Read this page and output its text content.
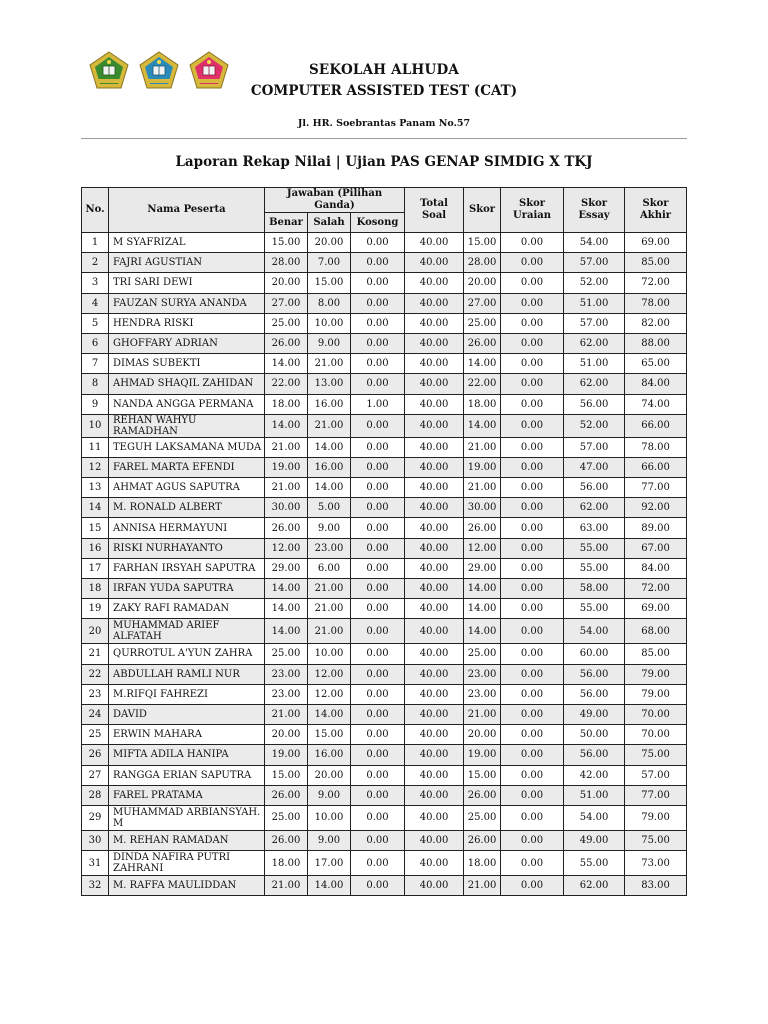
SEKOLAH ALHUDA
COMPUTER ASSISTED TEST (CAT)
Jl. HR. Soebrantas Panam No.57
Laporan Rekap Nilai | Ujian PAS GENAP SIMDIG X TKJ
No.	Nama Peserta	Jawaban (Pilihan Ganda)			Total Soal	Skor	Skor Uraian	Skor Essay	Skor Akhir
		Benar	Salah	Kosong					
1	M SYAFRIZAL	15.00	20.00	0.00	40.00	15.00	0.00	54.00	69.00
2	FAJRI AGUSTIAN	28.00	7.00	0.00	40.00	28.00	0.00	57.00	85.00
3	TRI SARI DEWI	20.00	15.00	0.00	40.00	20.00	0.00	52.00	72.00
4	FAUZAN SURYA ANANDA	27.00	8.00	0.00	40.00	27.00	0.00	51.00	78.00
5	HENDRA RISKI	25.00	10.00	0.00	40.00	25.00	0.00	57.00	82.00
6	GHOFFARY ADRIAN	26.00	9.00	0.00	40.00	26.00	0.00	62.00	88.00
7	DIMAS SUBEKTI	14.00	21.00	0.00	40.00	14.00	0.00	51.00	65.00
8	AHMAD SHAQIL ZAHIDAN	22.00	13.00	0.00	40.00	22.00	0.00	62.00	84.00
9	NANDA ANGGA PERMANA	18.00	16.00	1.00	40.00	18.00	0.00	56.00	74.00
10	REHAN WAHYU RAMADHAN	14.00	21.00	0.00	40.00	14.00	0.00	52.00	66.00
11	TEGUH LAKSAMANA MUDA	21.00	14.00	0.00	40.00	21.00	0.00	57.00	78.00
12	FAREL MARTA EFENDI	19.00	16.00	0.00	40.00	19.00	0.00	47.00	66.00
13	AHMAT AGUS SAPUTRA	21.00	14.00	0.00	40.00	21.00	0.00	56.00	77.00
14	M. RONALD ALBERT	30.00	5.00	0.00	40.00	30.00	0.00	62.00	92.00
15	ANNISA HERMAYUNI	26.00	9.00	0.00	40.00	26.00	0.00	63.00	89.00
16	RISKI NURHAYANTO	12.00	23.00	0.00	40.00	12.00	0.00	55.00	67.00
17	FARHAN IRSYAH SAPUTRA	29.00	6.00	0.00	40.00	29.00	0.00	55.00	84.00
18	IRFAN YUDA SAPUTRA	14.00	21.00	0.00	40.00	14.00	0.00	58.00	72.00
19	ZAKY RAFI RAMADAN	14.00	21.00	0.00	40.00	14.00	0.00	55.00	69.00
20	MUHAMMAD ARIEF ALFATAH	14.00	21.00	0.00	40.00	14.00	0.00	54.00	68.00
21	QURROTUL A'YUN ZAHRA	25.00	10.00	0.00	40.00	25.00	0.00	60.00	85.00
22	ABDULLAH RAMLI NUR	23.00	12.00	0.00	40.00	23.00	0.00	56.00	79.00
23	M.RIFQI FAHREZI	23.00	12.00	0.00	40.00	23.00	0.00	56.00	79.00
24	DAVID	21.00	14.00	0.00	40.00	21.00	0.00	49.00	70.00
25	ERWIN MAHARA	20.00	15.00	0.00	40.00	20.00	0.00	50.00	70.00
26	MIFTA ADILA HANIPA	19.00	16.00	0.00	40.00	19.00	0.00	56.00	75.00
27	RANGGA ERIAN SAPUTRA	15.00	20.00	0.00	40.00	15.00	0.00	42.00	57.00
28	FAREL PRATAMA	26.00	9.00	0.00	40.00	26.00	0.00	51.00	77.00
29	MUHAMMAD ARBIANSYAH. M	25.00	10.00	0.00	40.00	25.00	0.00	54.00	79.00
30	M. REHAN RAMADAN	26.00	9.00	0.00	40.00	26.00	0.00	49.00	75.00
31	DINDA NAFIRA PUTRI ZAHRANI	18.00	17.00	0.00	40.00	18.00	0.00	55.00	73.00
32	M. RAFFA MAULIDDAN	21.00	14.00	0.00	40.00	21.00	0.00	62.00	83.00
